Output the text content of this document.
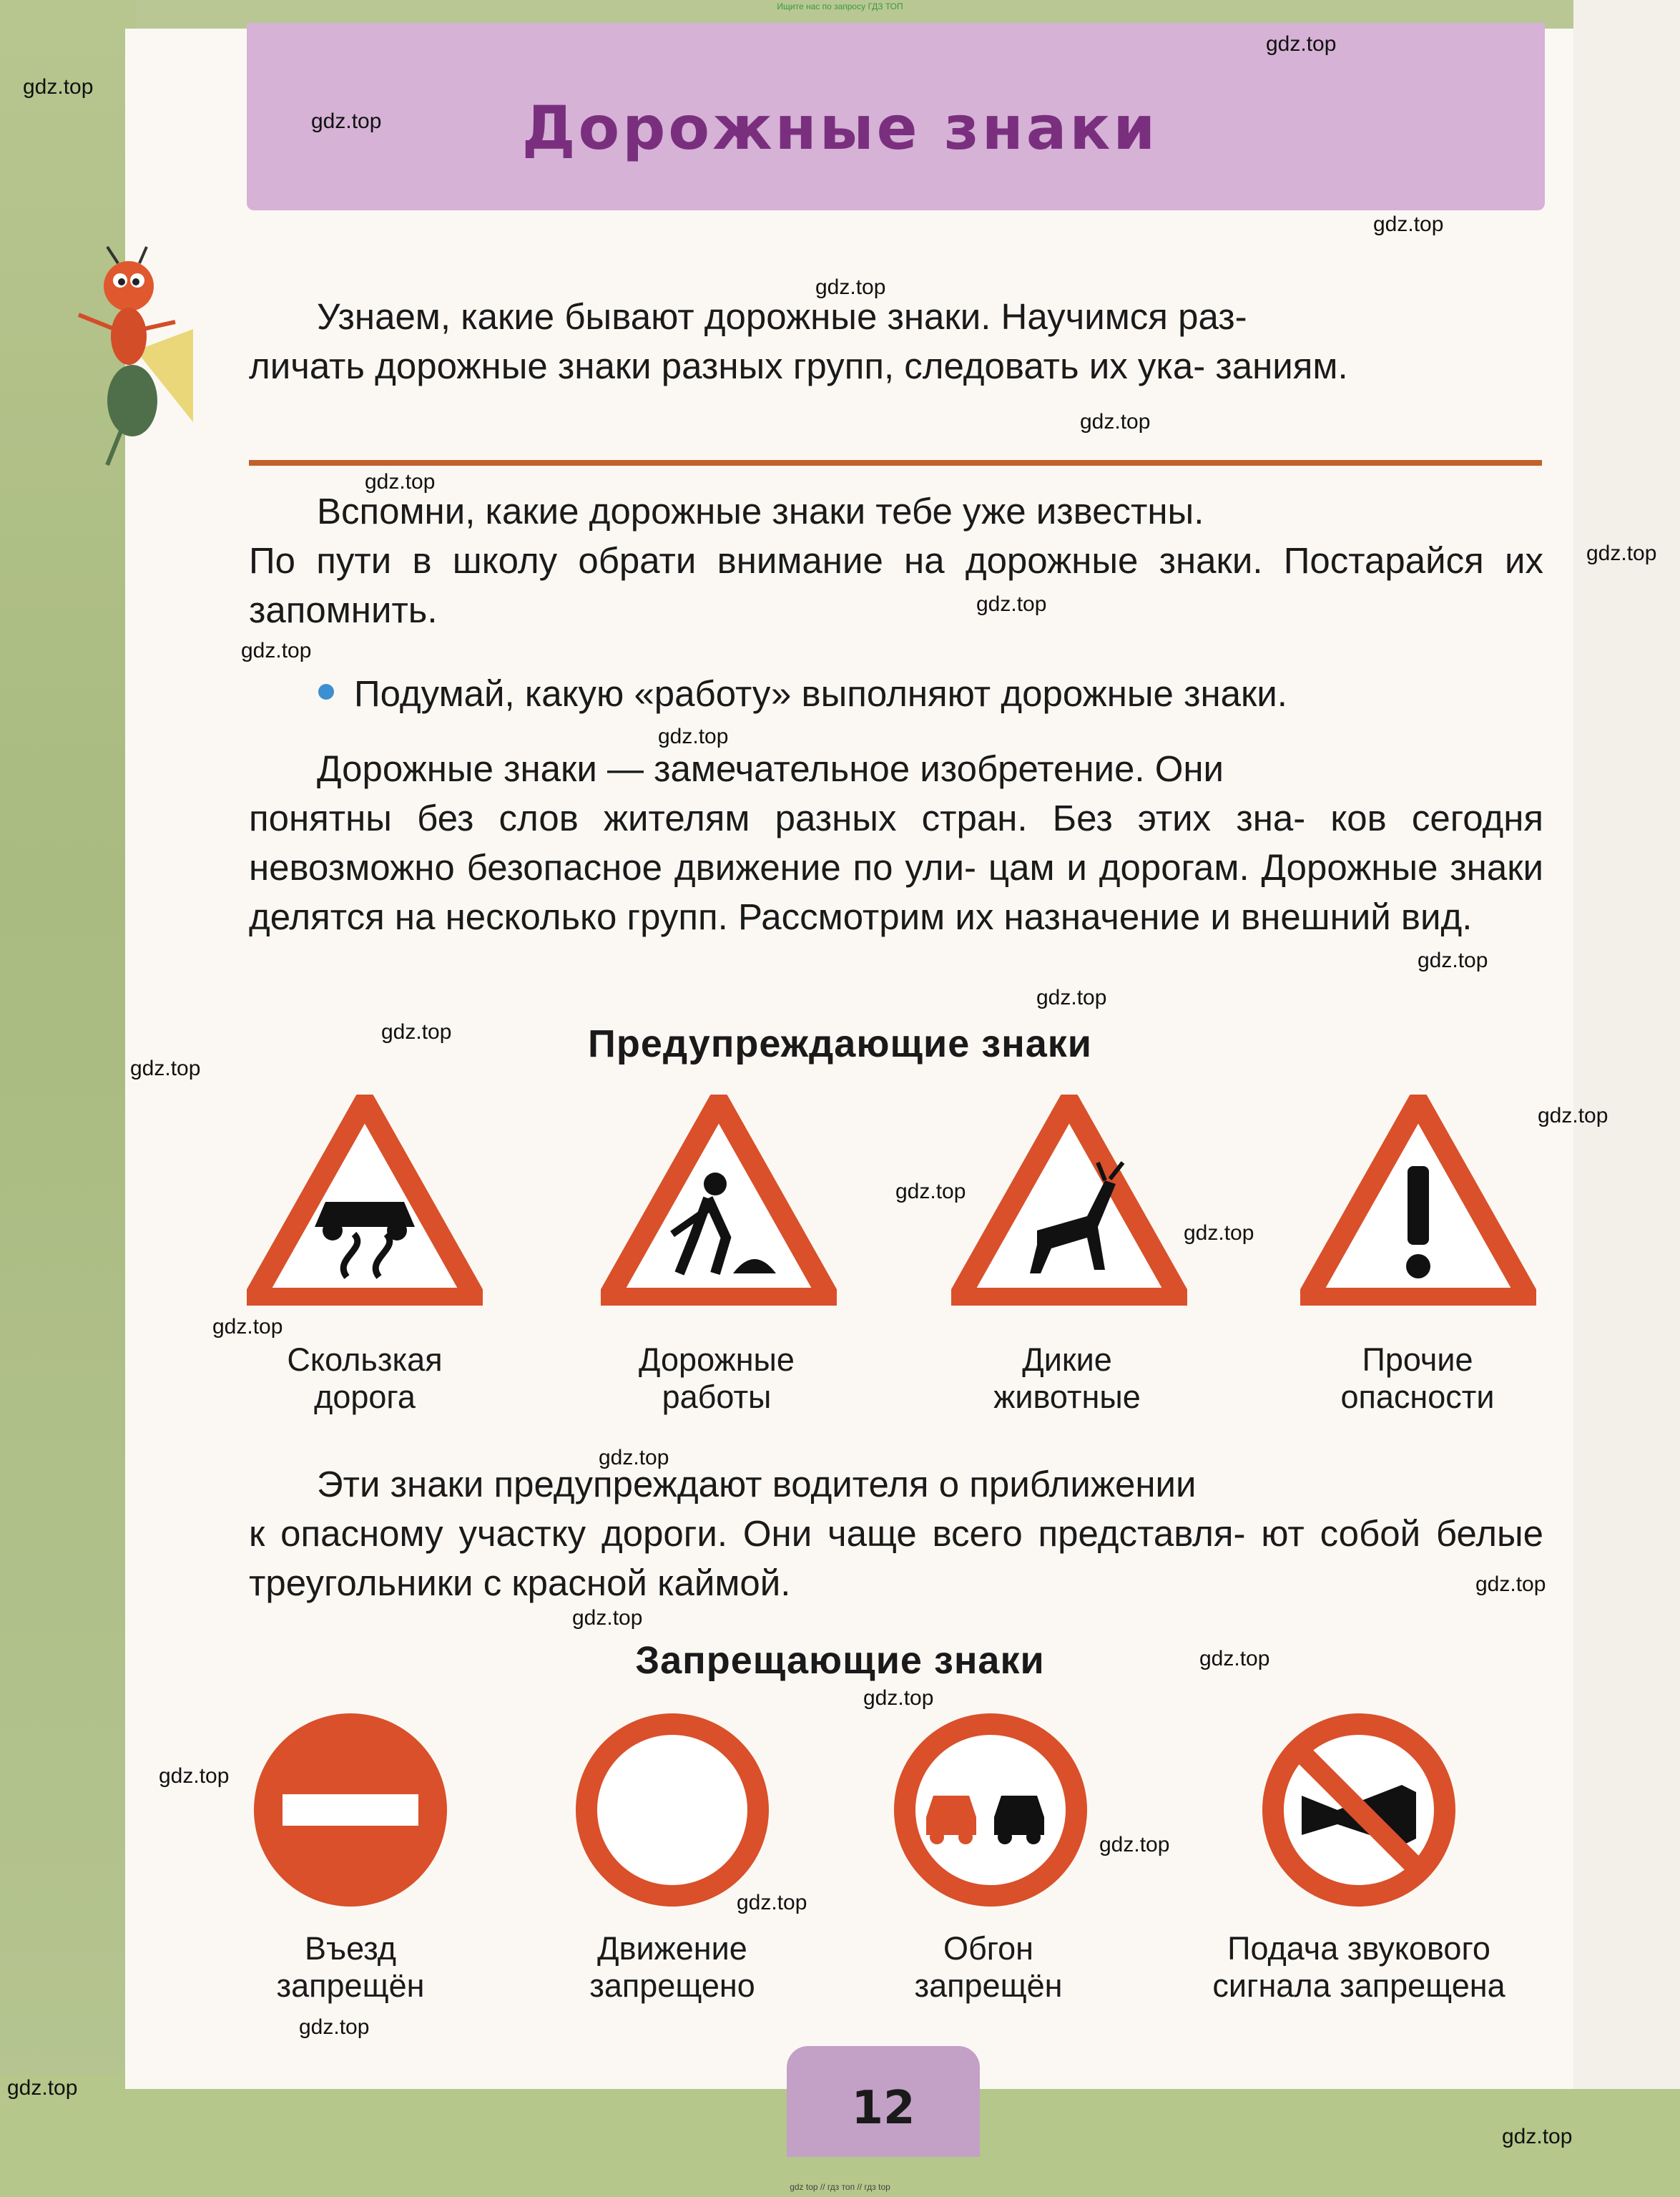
Ищите нас по запросу ГДЗ ТОП
Дорожные знаки

Узнаем, какие бывают дорожные знаки. Научимся раз-
личать дорожные знаки разных групп, следовать их ука- заниям.

Вспомни, какие дорожные знаки тебе уже известны.
По пути в школу обрати внимание на дорожные знаки. Постарайся их запомнить.

Подумай, какую «работу» выполняют дорожные знаки.

Дорожные знаки — замечательное изобретение. Они
понятны без слов жителям разных стран. Без этих зна- ков сегодня невозможно безопасное движение по ули- цам и дорогам. Дорожные знаки делятся на несколько групп. Рассмотрим их назначение и внешний вид.

Предупреждающие знаки

Скользкая
дорога

Дорожные
работы

Дикие
животные

Прочие
опасности

Эти знаки предупреждают водителя о приближении
к опасному участку дороги. Они чаще всего представля- ют собой белые треугольники с красной каймой.

Запрещающие знаки

Въезд
запрещён

Движение
запрещено

Обгон
запрещён

Подача звукового
сигнала запрещена

12
gdz top // гдз топ // гдз top
gdz.top
gdz.top
gdz.top
gdz.top
gdz.top
gdz.top
gdz.top
gdz.top
gdz.top
gdz.top
gdz.top
gdz.top
gdz.top
gdz.top
gdz.top
gdz.top
gdz.top
gdz.top
gdz.top
gdz.top
gdz.top
gdz.top
gdz.top
gdz.top
gdz.top
gdz.top
gdz.top
gdz.top
gdz.top
gdz.top
